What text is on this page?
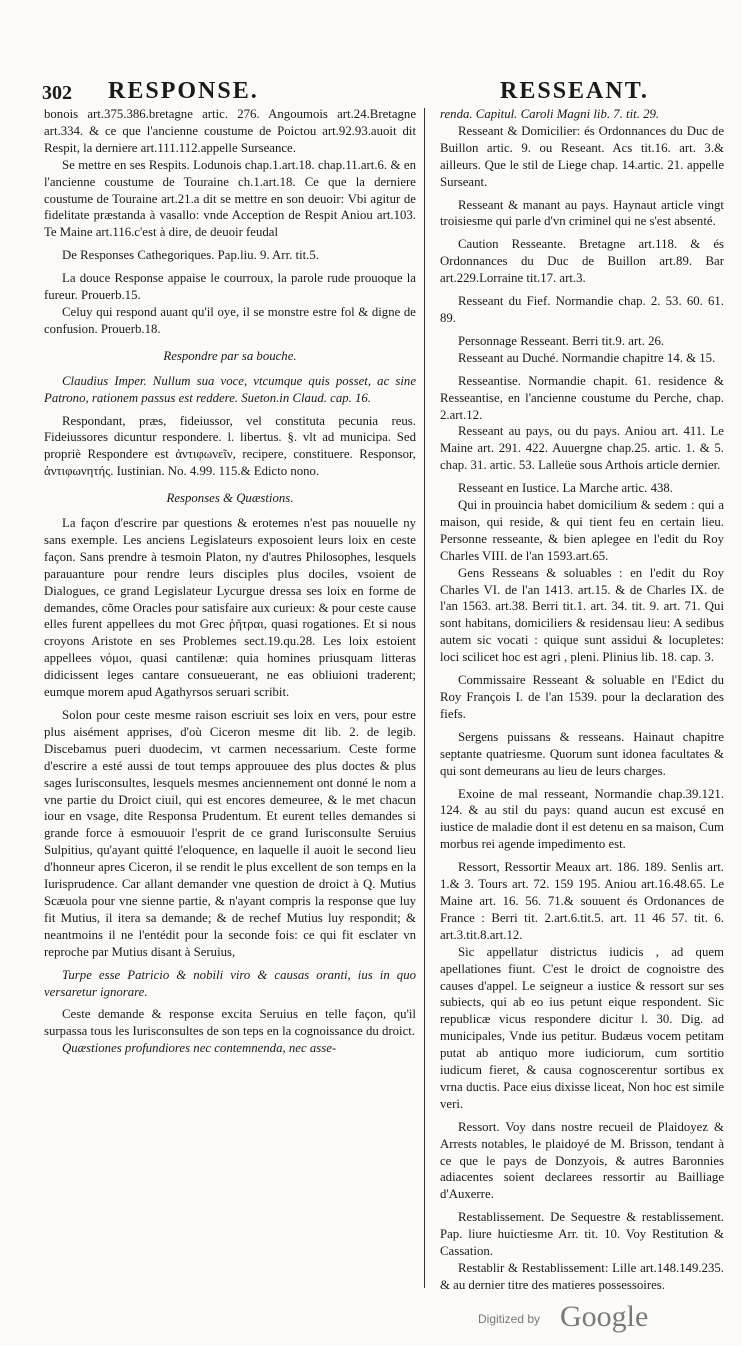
302 RESPONSE.	RESSEANT.

bonois art.375.386.bretagne artic. 276. Angoumois art.24.Bretagne art.334. & ce que l'ancienne coustume de Poictou art.92.93.auoit dit Respit, la derniere art.111.112.appelle Surseance.

Se mettre en ses Respits. Lodunois chap.1.art.18. chap.11.art.6. & en l'ancienne coustume de Touraine ch.1.art.18. Ce que la derniere coustume de Touraine art.21.a dit se mettre en son deuoir: Vbi agitur de fidelitate præstanda à vasallo: vnde Acception de Respit Aniou art.103. Te Maine art.116.c'est à dire, de deuoir feudal

De Responses Cathegoriques. Pap.liu. 9. Arr. tit.5.

La douce Response appaise le courroux, la parole rude prouoque la fureur. Prouerb.15.

Celuy qui respond auant qu'il oye, il se monstre estre fol & digne de confusion. Prouerb.18.

Respondre par sa bouche.

Claudius Imper. Nullum sua voce, vtcumque quis posset, ac sine Patrono, rationem passus est reddere. Sueton.in Claud. cap. 16.

Respondant, præs, fideiussor, vel constituta pecunia reus. Fideiussores dicuntur respondere. l. libertus. §. vlt ad municipa. Sed propriè Respondere est ἀντιφωνεῖν, recipere, constituere. Responsor, ἀντιφωνητής. Iustinian. No. 4.99. 115.& Edicto nono.

Responses & Quæstions.

La façon d'escrire par questions & erotemes n'est pas nouuelle ny sans exemple. Les anciens Legislateurs exposoient leurs loix en ceste façon. Sans prendre à tesmoin Platon, ny d'autres Philosophes, lesquels parauanture pour rendre leurs disciples plus dociles, vsoient de Dialogues, ce grand Legislateur Lycurgue dressa ses loix en forme de demandes, cõme Oracles pour satisfaire aux curieux: & pour ceste cause elles furent appellees du mot Grec ῥῆτραι, quasi rogationes. Et si nous croyons Aristote en ses Problemes sect.19.qu.28. Les loix estoient appellees νόμοι, quasi cantilenæ: quia homines priusquam litteras didicissent leges cantare consueuerant, ne eas obliuioni traderent; eumque morem apud Agathyrsos seruari scribit.

Solon pour ceste mesme raison escriuit ses loix en vers, pour estre plus aisément apprises, d'où Ciceron mesme dit lib. 2. de legib. Discebamus pueri duodecim, vt carmen necessarium. Ceste forme d'escrire a esté aussi de tout temps approuuee des plus doctes & plus sages Iurisconsultes, lesquels mesmes anciennement ont donné le nom a vne partie du Droict ciuil, qui est encores demeuree, & le met chacun iour en vsage, dite Responsa Prudentum. Et eurent telles demandes si grande force à esmouuoir l'esprit de ce grand Iurisconsulte Seruius Sulpitius, qu'ayant quitté l'eloquence, en laquelle il auoit le second lieu d'honneur apres Ciceron, il se rendit le plus excellent de son temps en la Iurisprudence. Car allant demander vne question de droict à Q. Mutius Scæuola pour vne sienne partie, & n'ayant compris la response que luy fit Mutius, il itera sa demande; & de rechef Mutius luy respondit; & neantmoins il ne l'entédit pour la seconde fois: ce qui fit esclater vn reproche par Mutius disant à Seruius,

Turpe esse Patricio & nobili viro & causas oranti, ius in quo versaretur ignorare.

Ceste demande & response excita Seruius en telle façon, qu'il surpassa tous les Iurisconsultes de son teps en la cognoissance du droict.

Quæstiones profundiores nec contemnenda, nec asse-

renda. Capitul. Caroli Magni lib. 7. tit. 29.

Resseant & Domicilier: és Ordonnances du Duc de Buillon artic. 9. ou Reseant. Acs tit.16. art. 3.& ailleurs. Que le stil de Liege chap. 14.artic. 21. appelle Surseant.

Resseant & manant au pays. Haynaut article vingt troisiesme qui parle d'vn criminel qui ne s'est absenté.

Caution Resseante. Bretagne art.118. & és Ordonnances du Duc de Buillon art.89. Bar art.229.Lorraine tit.17. art.3.

Resseant du Fief. Normandie chap. 2. 53. 60. 61. 89.

Personnage Resseant. Berri tit.9. art. 26.

Resseant au Duché. Normandie chapitre 14. & 15.

Resseantise. Normandie chapit. 61. residence & Resseantise, en l'ancienne coustume du Perche, chap. 2.art.12.

Resseant au pays, ou du pays. Aniou art. 411. Le Maine art. 291. 422. Auuergne chap.25. artic. 1. & 5. chap. 31. artic. 53. Lalleüe sous Arthois article dernier.

Resseant en Iustice. La Marche artic. 438.

Qui in prouincia habet domicilium & sedem : qui a maison, qui reside, & qui tient feu en certain lieu. Personne resseante, & bien aplegee en l'edit du Roy Charles VIII. de l'an 1593.art.65.

Gens Resseans & soluables : en l'edit du Roy Charles VI. de l'an 1413. art.15. & de Charles IX. de l'an 1563. art.38. Berri tit.1. art. 34. tit. 9. art. 71. Qui sont habitans, domiciliers & residensau lieu: A sedibus autem sic vocati : quique sunt assidui & locupletes: loci scilicet hoc est agri , pleni. Plinius lib. 18. cap. 3.

Commissaire Resseant & soluable en l'Edict du Roy François I. de l'an 1539. pour la declaration des fiefs.

Sergens puissans & resseans. Hainaut chapitre septante quatriesme. Quorum sunt idonea facultates & qui sont demeurans au lieu de leurs charges.

Exoine de mal resseant, Normandie chap.39.121. 124. & au stil du pays: quand aucun est excusé en iustice de maladie dont il est detenu en sa maison, Cum morbus rei agende impedimento est.

Ressort, Ressortir Meaux art. 186. 189. Senlis art. 1.& 3. Tours art. 72. 159 195. Aniou art.16.48.65. Le Maine art. 16. 56. 71.& souuent és Ordonances de France : Berri tit. 2.art.6.tit.5. art. 11 46 57. tit. 6. art.3.tit.8.art.12.

Sic appellatur districtus iudicis , ad quem apellationes fiunt. C'est le droict de cognoistre des causes d'appel. Le seigneur a iustice & ressort sur ses subiects, qui ab eo ius petunt eique respondent. Sic republicæ vicus respondere dicitur l. 30. Dig. ad municipales, Vnde ius petitur. Budæus vocem petitam putat ab antiquo more iudiciorum, cum sortitio iudicum fieret, & causa cognoscerentur sortibus ex vrna ductis. Pace eius dixisse liceat, Non hoc est simile veri.

Ressort. Voy dans nostre recueil de Plaidoyez & Arrests notables, le plaidoyé de M. Brisson, tendant à ce que le pays de Donzyois, & autres Baronnies adiacentes soient declarees ressortir au Bailliage d'Auxerre.

Restablissement. De Sequestre & restablissement. Pap. liure huictiesme Arr. tit. 10. Voy Restitution & Cassation.

Restablir & Restablissement: Lille art.148.149.235. & au dernier titre des matieres possessoires.

Digitized by Google
